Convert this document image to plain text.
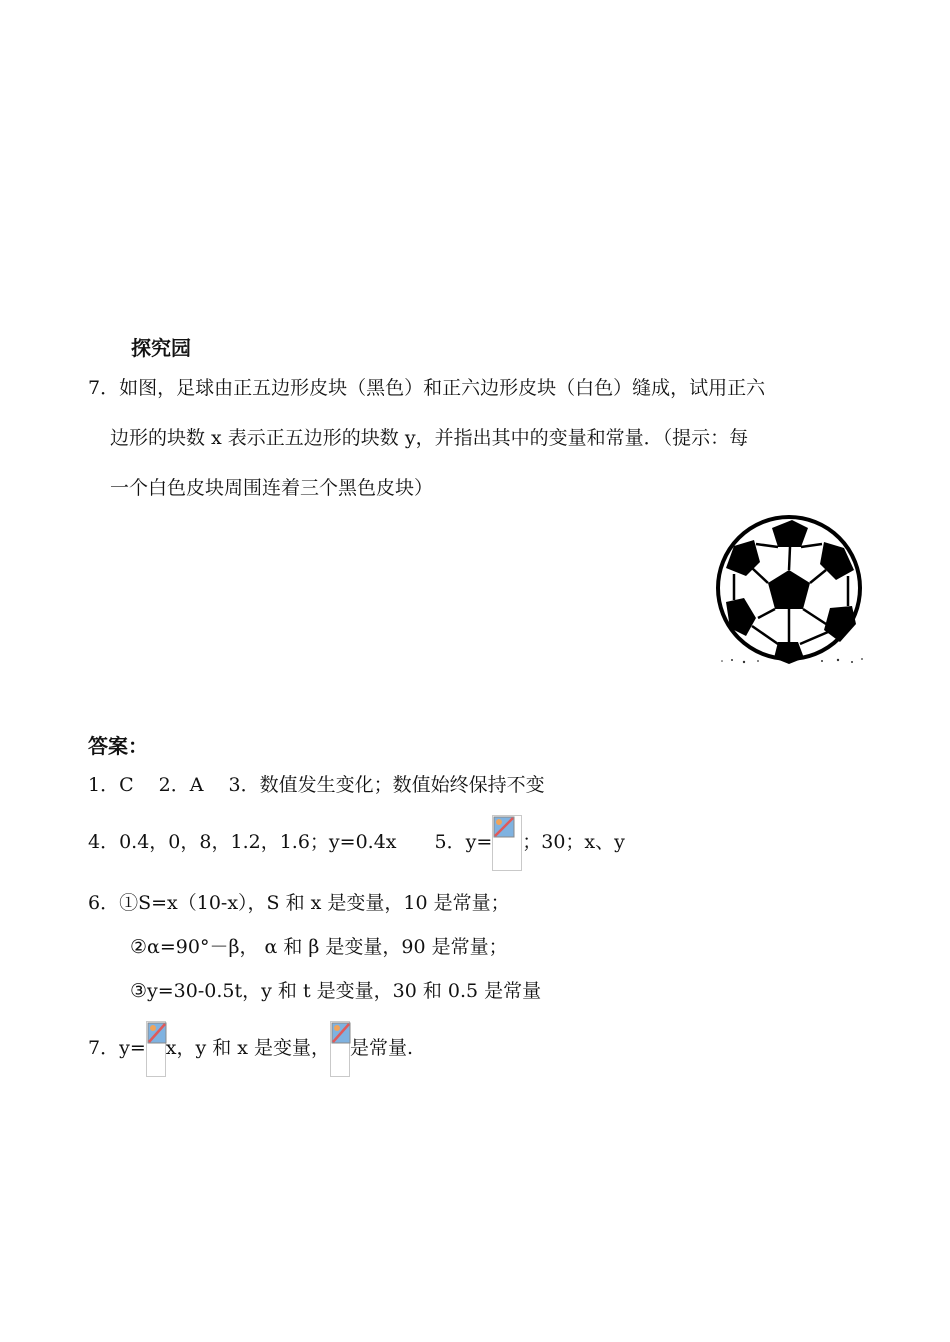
探究园
7．如图，足球由正五边形皮块（黑色）和正六边形皮块（白色）缝成，试用正六
边形的块数 x 表示正五边形的块数 y，并指出其中的变量和常量．（提示：每
一个白色皮块周围连着三个黑色皮块）
答案：
1．C　 2．A　 3．数值发生变化；数值始终保持不变
4．0.4，0，8，1.2，1.6；y=0.4x　　5．y= ；30；x、y
6．①S=x（10-x），S 和 x 是变量，10 是常量；
②α=90°－β， α 和 β 是变量，90 是常量；
③y=30-0.5t，y 和 t 是变量，30 和 0.5 是常量
7．y= x，y 和 x 是变量， 是常量.
